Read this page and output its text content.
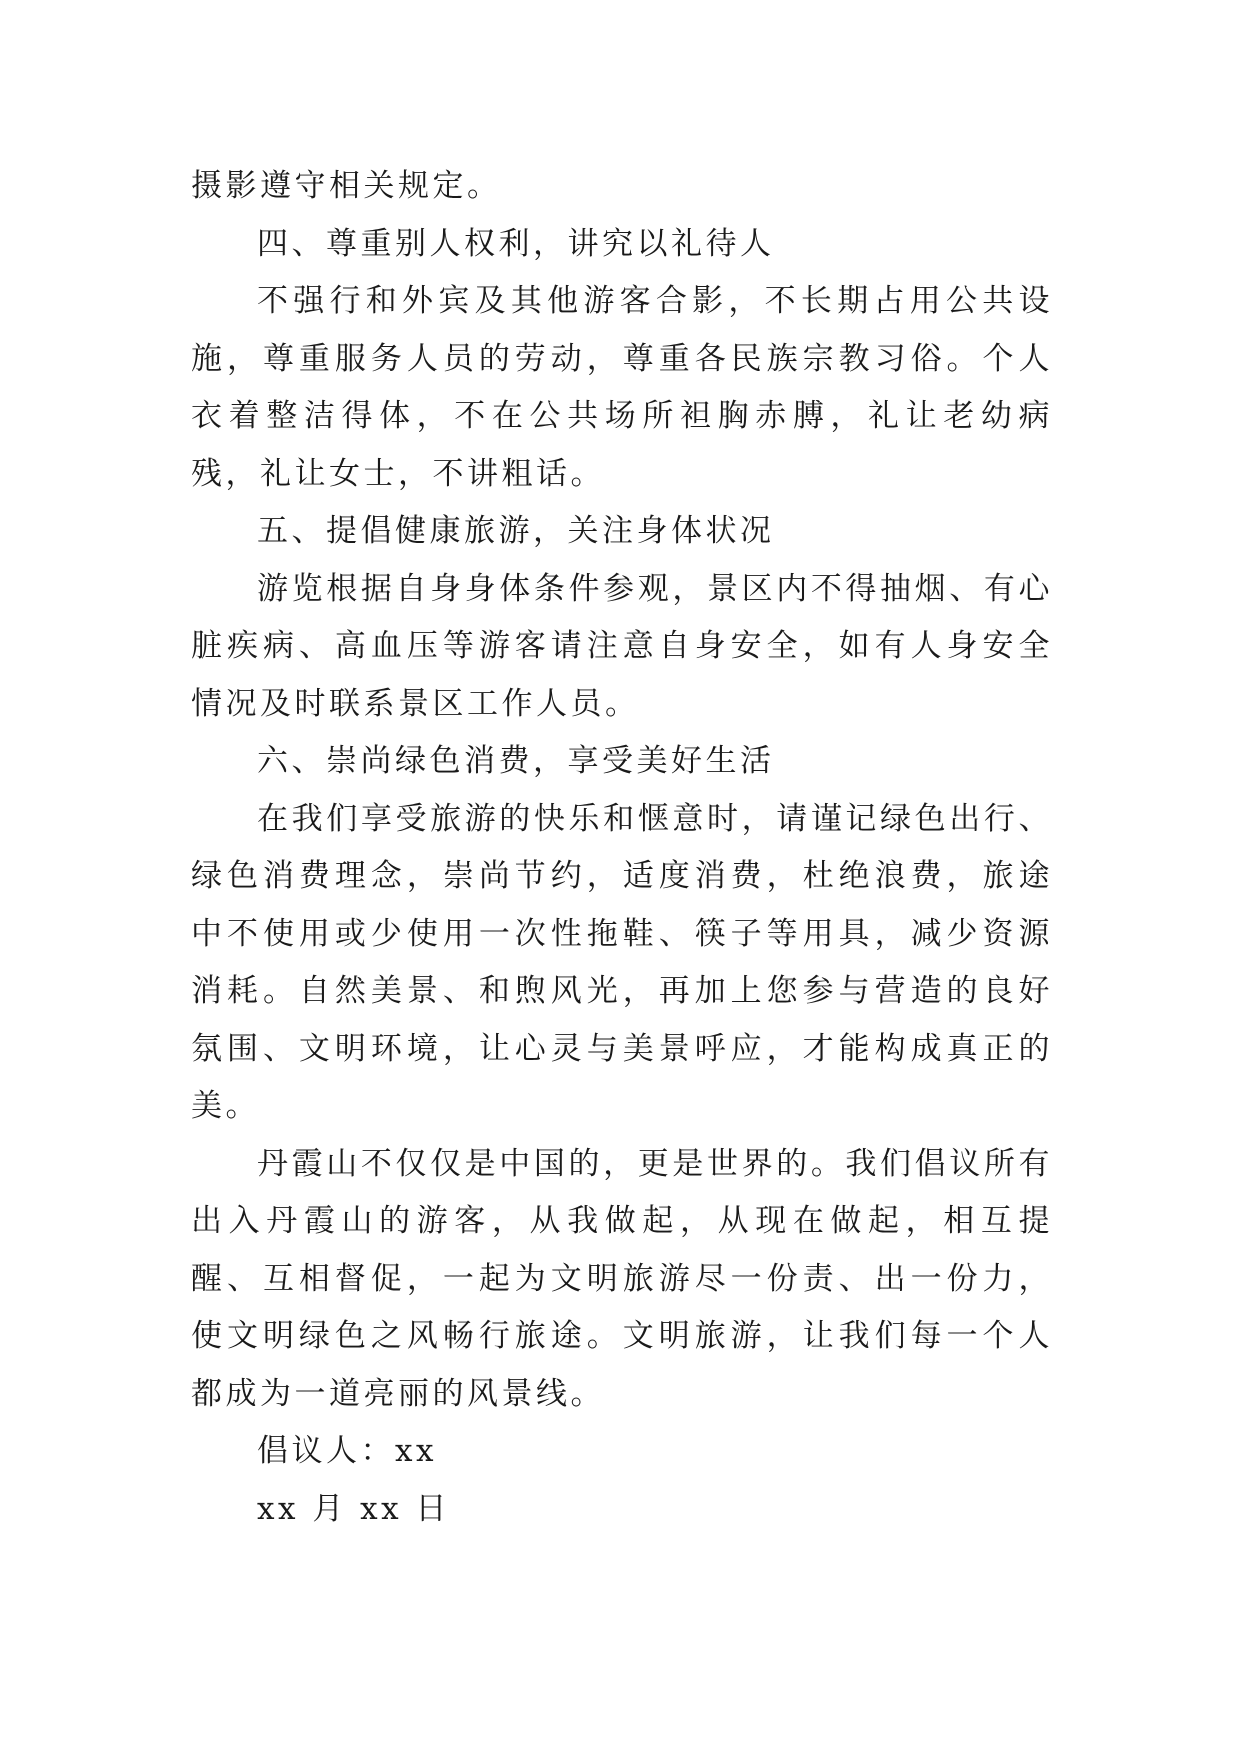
摄影遵守相关规定。

四、尊重别人权利，讲究以礼待人

不强行和外宾及其他游客合影，不长期占用公共设施，尊重服务人员的劳动，尊重各民族宗教习俗。个人衣着整洁得体，不在公共场所袒胸赤膊，礼让老幼病残，礼让女士，不讲粗话。

五、提倡健康旅游，关注身体状况

游览根据自身身体条件参观，景区内不得抽烟、有心脏疾病、高血压等游客请注意自身安全，如有人身安全情况及时联系景区工作人员。

六、崇尚绿色消费，享受美好生活

在我们享受旅游的快乐和惬意时，请谨记绿色出行、绿色消费理念，崇尚节约，适度消费，杜绝浪费，旅途中不使用或少使用一次性拖鞋、筷子等用具，减少资源消耗。自然美景、和煦风光，再加上您参与营造的良好氛围、文明环境，让心灵与美景呼应，才能构成真正的美。

丹霞山不仅仅是中国的，更是世界的。我们倡议所有出入丹霞山的游客，从我做起，从现在做起，相互提醒、互相督促，一起为文明旅游尽一份责、出一份力，使文明绿色之风畅行旅途。文明旅游，让我们每一个人都成为一道亮丽的风景线。

倡议人：xx

xx 月 xx 日
